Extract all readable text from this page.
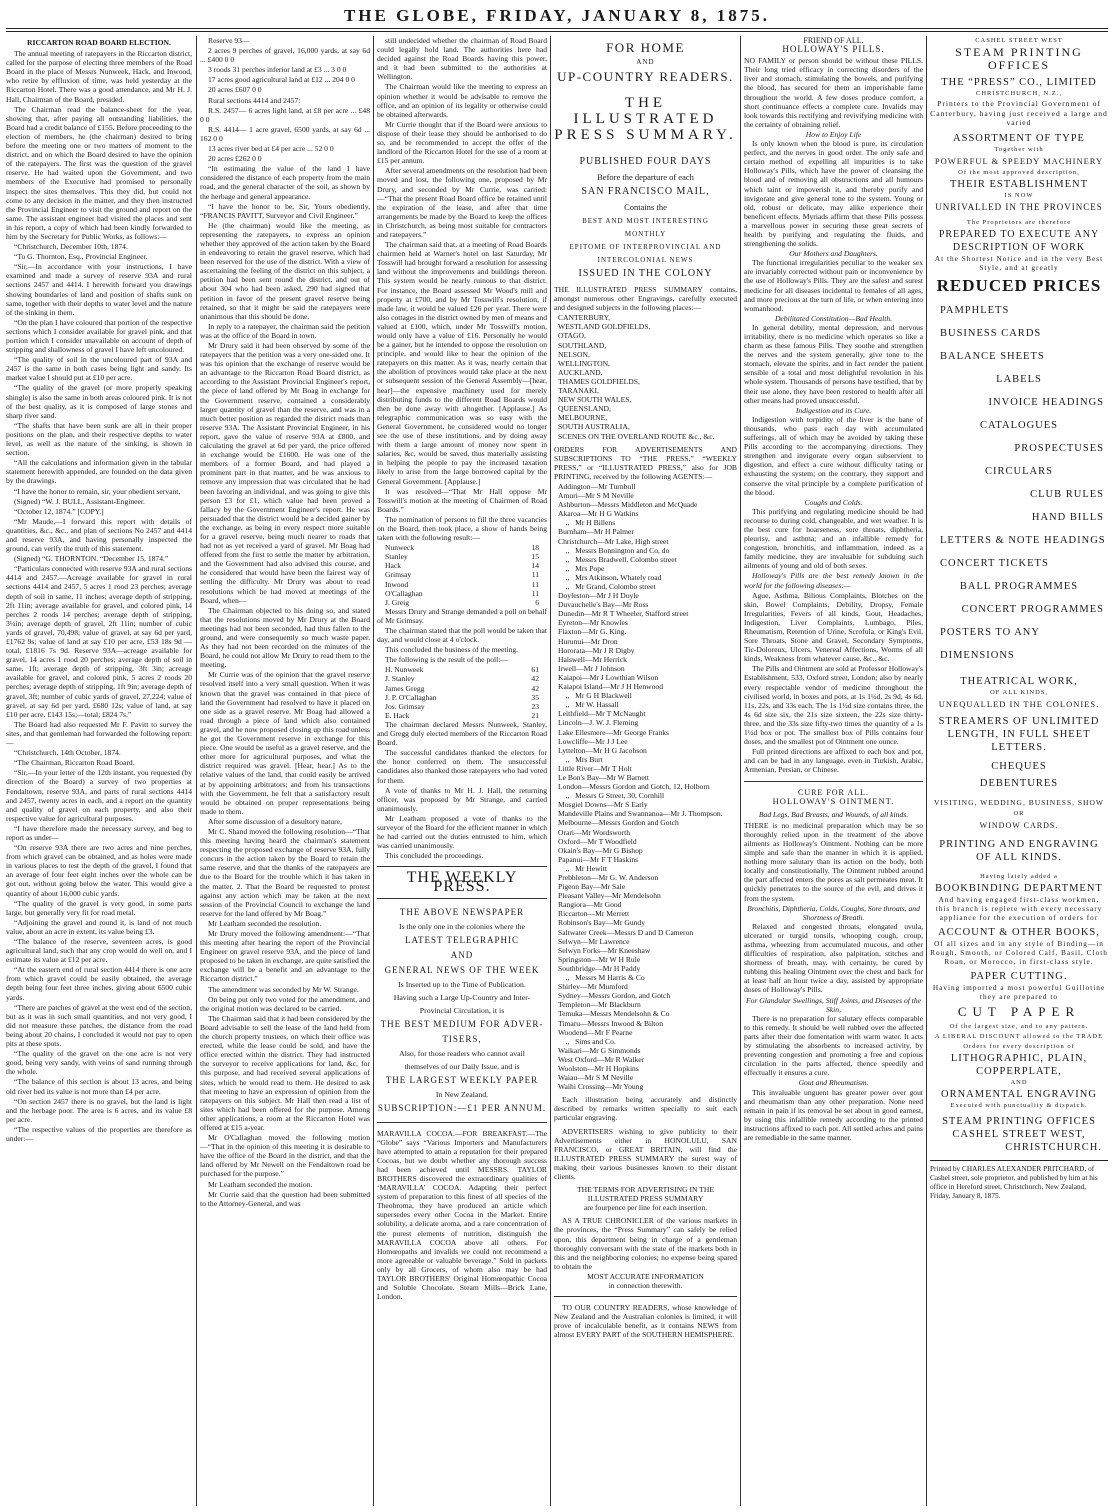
THE GLOBE, FRIDAY, JANUARY 8, 1875.
RICCARTON ROAD BOARD ELECTION.

The annual meeting of ratepayers in the Riccarton district, called for the purpose of electing three members of the Road Board in the place of Messrs Nunweek, Hack, and Inwood, who retire by effluxion of time, was held yesterday at the Riccarton Hotel. There was a good attendance, and Mr H. J. Hall, Chairman of the Board, presided.

The Chairman read the balance-sheet for the year, showing that, after paying all outstanding liabilities, the Board had a credit balance of £155. Before proceeding to the election of members, he (the chairman) desired to bring before the meeting one or two matters of moment to the district, and on which the Board desired to have the opinion of the ratepayers. The first was the question of the gravel reserve. He had waited upon the Government, and two members of the Executive had promised to personally inspect the sites themselves. This they did, but could not come to any decision in the matter, and they then instructed the Provincial Engineer to visit the ground and report on the same. The assistant engineer had visited the places and sent in his report, a copy of which had been kindly forwarded to him by the Secretary for Public Works, as follows:—

“Christchurch, December 10th, 1874.

“To G. Thornton, Esq., Provincial Engineer.

“Sir,—In accordance with your instructions, I have examined and made a survey of reserve 93A and rural sections 2457 and 4414. I herewith forward you drawings showing boundaries of land and position of shafts sunk on same, together with their depths to water level and the nature of the sinking in them.

“On the plan I have coloured that portion of the respective sections which I consider available for gravel pink, and that portion which I consider unavailable on account of depth of stripping and shallowness of gravel I have left uncoloured.

“The quality of soil in the uncoloured part of 93A and 2457 is the same in both cases being light and sandy. Its market value I should put at £10 per acre.

“The quality of the gravel (or more properly speaking shingle) is also the same in both areas coloured pink. It is not of the best quality, as it is composed of large stones and sharp river sand.

“The shafts that have been sunk are all in their proper positions on the plan, and their respective depths to water level, as well as the nature of the sinking, is shown in section.

“All the calculations and information given in the tabular statement herewith appended, are founded on the data given by the drawings.

“I have the honor to remain, sir, your obedient servant,

(Signed) “W. J. BULL, Assistant-Engineer.

“October 12, 1874.” [COPY.]

“Mr Maude,—I forward this report with details of quantities, &c., &c., and plan of sections No 2457 and 4414 and reserve 93A, and having personally inspected the ground, can verify the truth of this statement.

(Signed) “G. THORNTON. “December 15, 1874.”

“Particulars connected with reserve 93A and rural sections 4414 and 2457.—Acreage available for gravel in rural sections 4414 and 2457, 5 acres 1 rood 23 perches; average depth of soil in same, 11 inches; average depth of stripping, 2ft 11in; average available for gravel, and colored pink, 14 perches 2 roods 14 perches; average depth of stripping, 3¼in; average depth of gravel, 2ft 11in; number of cubic yards of gravel, 70,498; value of gravel, at say 6d per yard, £1762 9s; value of land at say £10 per acre, £53 18s 9d — total, £1816 7s 9d. Reserve 93A—acreage available for gravel, 14 acres 1 rood 20 perches; average depth of soil in same, 1ft; average depth of stripping, 3ft 3in; acreage available for gravel, and colored pink, 5 acres 2 roods 20 perches; average depth of stripping, 1ft 9in; average depth of gravel, 3ft; number of cubic yards of gravel, 27,224; value of gravel, at say 6d per yard, £680 12s; value of land, at say £10 per acre, £143 15s;—total; £824 7s.”

The Board had also requested Mr F. Pavitt to survey the sites, and that gentleman had forwarded the following report:—

“Christchurch, 14th October, 1874.

“The Chairman, Riccarton Road Board.

“Sir,—In your letter of the 12th instant, you requested (by direction of the Board) a survey of two properties at Fendaltown, reserve 93A, and parts of rural sections 4414 and 2457, twenty acres in each, and a report on the quantity and quality of gravel on each property, and also their respective value for agricultural purposes.

“I have therefore made the necessary survey, and beg to report as under—

“On reserve 93A there are two acres and nine perches, from which gravel can be obtained, and as holes were made in various places to test the depth of the gravel, I found that an average of four feet eight inches over the whole can be got out, without going below the water. This would give a quantity of about 16,000 cubic yards.

“The quality of the gravel is very good, in some parts large, but generally very fit for road metal.

“Adjoining the gravel and round it, is land of not much value, about an acre in extent, its value being £3.

“The balance of the reserve, seventeen acres, is good agricultural land, such that any crop would do well on, and I estimate its value at £12 per acre.

“At the eastern end of rural section 4414 there is one acre from which gravel could be easily obtained, the average depth being four feet three inches, giving about 6500 cubic yards.

“There are patches of gravel at the west end of the section, but as it was in such small quantities, and not very good, I did not measure these patches, the distance from the road being about 20 chains, I concluded it would not pay to open pits at these spots.

“The quality of the gravel on the one acre is not very good, being very sandy, with veins of sand running through the whole.

“The balance of this section is about 13 acres, and being old river bed its value is not more than £4 per acre.

“On section 2457 there is no gravel, but the land is light and the herbage poor. The area is 6 acres, and its value £8 per acre.

“The respective values of the properties are therefore as under:—

Reserve 93—

2 acres 9 perches of gravel, 16,000 yards, at say 6d ... £400 0 0

3 roods 31 perches inferior land at £3 ... 3 0 0

17 acres good agricultural land at £12 ... 204 0 0

20 acres £607 0 0

Rural sections 4414 and 2457:

R.S. 2457— 6 acres light land, at £8 per acre ... £48 0 0

R.S. 4414— 1 acre gravel, 6500 yards, at say 6d ... 162 0 0

13 acres river bed at £4 per acre ... 52 0 0

20 acres £262 0 0

“In estimating the value of the land I have considered the distance of each property from the main road, and the general character of the soil, as shown by the herbage and general appearance.

“I have the honor to be, Sir, Yours obediently, “FRANCIS PAVITT, Surveyor and Civil Engineer.”

He (the chairman) would like the meeting, as representing the ratepayers, to express an opinion whether they approved of the action taken by the Board in endeavoring to retain the gravel reserve, which had been reserved for the use of the district. With a view of ascertaining the feeling of the district on this subject, a petition had been sent round the district, and out of about 304 who had been asked, 290 had signed that petition in favor of the present gravel reserve being retained, so that it might be said the ratepayers were unanimous that this should be done.

In reply to a ratepayer, the chairman said the petition was at the office of the Board in town.

Mr Drury said it had been observed by some of the ratepayers that the petition was a very one-sided one. It was his opinion that the exchange of reserve would be an advantage to the Riccarton Road Board district, as according to the Assistant Provincial Engineer's report, the piece of land offered by Mr Boag in exchange for the Government reserve, contained a considerably larger quantity of gravel than the reserve, and was in a much better position as regarded the district roads than reserve 93A. The Assistant Provincial Engineer, in his report, gave the value of reserve 93A at £800, and calculating the gravel at 6d per yard, the price offered in exchange would be £1600. He was one of the members of a former Board, and had played a prominent part in that matter, and he was anxious to remove any impression that was circulated that he had been favoring an individual, and was going to give this person £3 for £1, which value had been proved a fallacy by the Government Engineer's report. He was persuaded that the district would be a decided gainer by the exchange, as being in every respect more suitable for a gravel reserve, being much nearer to roads that had not as yet received a yard of gravel. Mr Boag had offered from the first to settle the matter by arbitration, and the Government had also advised this course, and he considered that would have been the fairest way of settling the difficulty. Mr Drury was about to read resolutions which he had moved at meetings of the Board, when—

The Chairman objected to his doing so, and stated that the resolutions moved by Mr Drury at the Board meetings had not been seconded, had thus fallen to the ground, and were consequently so much waste paper. As they had not been recorded on the minutes of the Board, he could not allow Mr Drury to read them to the meeting.

Mr Currie was of the opinion that the gravel reserve resolved itself into a very small question. When it was known that the gravel was contained in that piece of land the Government had resolved to have it placed on one side as a gravel reserve. Mr Boag had allowed a road through a piece of land which also contained gravel, and he now proposed closing up this road unless he got the Government reserve in exchange for this piece. One would be useful as a gravel reserve, and the other more for agricultural purposes, and what the district required was gravel. [Hear, hear.] As to the relative values of the land, that could easily be arrived at by appointing arbitrators; and from his transactions with the Government, he felt that a satisfactory result would be obtained on proper representations being made to them.

After some discussion of a desultory nature,

Mr C. Shand moved the following resolution—“That this meeting having heard the chairman's statement respecting the proposed exchange of reserve 93A, fully concurs in the action taken by the Board to retain the same reserve, and that the thanks of the ratepayers are due to the Board for the trouble which it has taken in the matter. 2. That the Board be requested to protest against any action which may be taken at the next session of the Provincial Council to exchange the land reserve for the land offered by Mr Boag.”

Mr Leatham seconded the resolution.

Mr Drury moved the following amendment:—“That this meeting after hearing the report of the Provincial Engineer on gravel reserve 93A, and the piece of land proposed to be taken in exchange, are quite satisfied the exchange will be a benefit and an advantage to the Riccarton district.”

The amendment was seconded by Mr W. Strange.

On being put only two voted for the amendment, and the original motion was declared to be carried.

The Chairman said that it had been considered by the Board advisable to sell the lease of the land held from the church property trustees, on which their office was erected, while the lease could be sold, and have the office erected within the district. They had instructed the surveyor to receive applications for land, &c, for this purpose, and had received several applications of sites, which he would read to them. He desired to ask that meeting to have an expression of opinion from the ratepayers on this subject. Mr Hall then read a list of sites which had been offered for the purpose. Among other applications, a room at the Riccarton Hotel was offered at £15 a-year.

Mr O'Callaghan moved the following motion—“That in the opinion of this meeting it is desirable to have the office of the Board in the district, and that the land offered by Mr Newell on the Fendaltown road be purchased for the purpose.”

Mr Leatham seconded the motion.

Mr Currie said that the question had been submitted to the Attorney-General, and was

still undecided whether the chairman of Road Board could legally hold land. The authorities here had decided against the Road Boards having this power, and it had been submitted to the authorities at Wellington.

The Chairman would like the meeting to express an opinion whether it would be advisable to remove the office, and an opinion of its legality or otherwise could be obtained afterwards.

Mr Currie thought that if the Board were anxious to dispose of their lease they should be authorised to do so, and be recommended to accept the offer of the landlord of the Riccarton Hotel for the use of a room at £15 per annum.

After several amendments on the resolution had been moved and lost, the following one, proposed by Mr Drury, and seconded by Mr Currie, was carried:—“That the present Road Board office be retained until the expiration of the lease, and after that time arrangements be made by the Board to keep the offices in Christchurch, as being most suitable for contractors and ratepayers.”

The chairman said that, at a meeting of Road Boards chairmen held at Warner's hotel on last Saturday, Mr Tosswill had brought forward a resolution for assessing land without the improvements and buildings thereon. This system would be nearly ruinous to that district. For instance, the Board assessed Mr Wood's mill and property at £700, and by Mr Tosswill's resolution, if made law, it would be valued £26 per year. There were also cottages in the district owned by men of means and valued at £100, which, under Mr Tosswill's motion, would only have a value of £16. Personally he would be a gainer, but he intended to oppose the resolution on principle, and would like to hear the opinion of the ratepayers on this matter. As it was, nearly certain that the abolition of provinces would take place at the next or subsequent session of the General Assembly—[hear, hear]—the expensive machinery used for merely distributing funds to the different Road Boards would then be done away with altogether. [Applause.] As telegraphic communication was so easy with the General Government, he considered would no longer see the use of these institutions, and by doing away with them a large amount of money now spent in salaries, &c, would be saved, thus materially assisting in helping the people to pay the increased taxation likely to arise from the large borrowed capital by the General Government. [Applause.]

It was resolved—“That Mr Hall oppose Mr Tosswill's motion at the meeting of Chairmen of Road Boards.”

The nomination of persons to fill the three vacancies on the Board, then took place, a show of hands being taken with the following result:—

Nunweck	18
Stanley	15
Hack	14
Grimsay	11
Inwood	11
O'Callaghan	11
J. Greig	6

Messrs Drury and Strange demanded a poll on behalf of Mr Grimsay.

The chairman stated that the poll would be taken that day, and would close at 4 o'clock.

This concluded the business of the meeting.

The following is the result of the poll:—

H. Nunweek	61
J. Stanley	42
James Gregg	42
J. P. O'Callaghan	35
Jos. Grimsay	23
E. Hack	21

The chairman declared Messrs Nunweek, Stanley, and Gregg duly elected members of the Riccarton Road Board.

The successful candidates thanked the electors for the honor conferred on them. The unsuccessful candidates also thanked those ratepayers who had voted for them.

A vote of thanks to Mr H. J. Hall, the returning officer, was proposed by Mr Strange, and carried unanimously.

Mr Leatham proposed a vote of thanks to the surveyor of the Board for the efficient manner in which he had carried out the duties entrusted to him, which was carried unanimously.

This concluded the proceedings.

THE WEEKLY PRESS.
THE ABOVE NEWSPAPER
Is the only one in the colonies where the
LATEST TELEGRAPHIC
AND
GENERAL NEWS OF THE WEEK
Is Inserted up to the Time of Publication.
Having such a Large Up-Country and Inter-
Provincial Circulation, it is
THE BEST MEDIUM FOR ADVER-
TISERS,
Also, for those readers who cannot avail
themselves of our Daily Issue, and is
THE LARGEST WEEKLY PAPER
In New Zealand.
SUBSCRIPTION:—£1 PER ANNUM.

MARAVILLA COCOA.—FOR BREAKFAST.—The “Globe” says “Various Importers and Manufacturers have attempted to attain a reputation for their prepared Cocoas, but we doubt whether any thorough success had been achieved until MESSRS. TAYLOR BROTHERS discovered the extraordinary qualities of ‘MARAVILLA’ COCOA. Adapting their perfect system of preparation to this finest of all species of the Theobroma, they have produced an article which supersedes every other Cocoa in the Market. Entire solubility, a delicate aroma, and a rare concentration of the purest elements of nutrition, distinguish the MARAVILLA COCOA above all others. For Homœopaths and invalids we could not recommend a more agreeable or valuable beverage.” Sold in packets only by all Grocers, of whom also may be had TAYLOR BROTHERS' Original Homœopathic Cocoa and Soluble Chocolate. Steam Mills—Brick Lane, London.

FOR HOME
AND
UP-COUNTRY READERS.
THE ILLUSTRATED
PRESS SUMMARY.
PUBLISHED FOUR DAYS
Before the departure of each
SAN FRANCISCO MAIL,
Contains the
BEST AND MOST INTERESTING
MONTHLY
EPITOME OF INTERPROVINCIAL AND
INTERCOLONIAL NEWS
ISSUED IN THE COLONY

THE ILLUSTRATED PRESS SUMMARY contains, amongst numerous other Engravings, carefully executed and designed subjects in the following places:—

CANTERBURY,
WESTLAND GOLDFIELDS,
OTAGO,
SOUTHLAND,
NELSON,
WELLINGTON,
AUCKLAND,
THAMES GOLDFIELDS,
TARANAKI,
NEW SOUTH WALES,
QUEENSLAND,
MELBOURNE,
SOUTH AUSTRALIA,
SCENES ON THE OVERLAND ROUTE &c., &c.

ORDERS FOR ADVERTISEMENTS AND SUBSCRIPTIONS TO “THE PRESS,” “WEEKLY PRESS,” or “ILLUSTRATED PRESS,” also for JOB PRINTING, received by the following AGENTS:—

Addington—Mr Turnbull
Amuri—Mr S M Neville
Ashburton—Messrs Middleton and McQuade
Akaroa—Mr H G Watkins
,,   Mr H Billens
Burnham—Mr H Palmer
Christchurch—Mr Lake, High street
,,   Messrs Bonnington and Co, do
,,   Messrs Bradwell, Colombo street
,,   Mrs Pope
,,   Mrs Atkinson, Whately road
,,   Mr Grand, Colombo street
Doyleston—Mr J H Doyle
Duvauchelle's Bay—Mr Ross
Dunedin—Mr R T Wheeler, Stafford street
Eyreton—Mr Knowles
Flaxton—Mr G. King.
Hurunui—Mr Dron
Hororata—Mr J R Digby
Halswell—Mr Herrick
Irwell—Mr J Johnson
Kaiapoi—Mr J Lowthian Wilson
Kaiapoi Island—Mr J H Henwood
,,   Mr G H Blackwell
,,   Mr W. Hassall
Leithfield—Mr T McNaught
Lincoln—J. W. J. Fleming
Lake Ellesmere—Mr George Franks
Lowcliffe—Mr J J Lee
Lyttelton—Mr H G Jacobson
,,   Mrs Burt
Little River—Mr T Holt
Le Bon's Bay—Mr W Barnett
London—Messrs Gordon and Gotch, 12, Holborn
,,   Messrs G Street, 30, Cornhill
Mosgiel Downs—Mr S Early
Mandeville Plains and Swannanoa—Mr J. Thompson.
Melbourne—Messrs Gordon and Gotch
Orari—Mr Wordsworth
Oxford—Mr T Woodfield
Okain's Bay—Mr G Bishop
Papanui—Mr F T Haskins
,,   Mr Hewitt
Prebbleton—Mr G. W. Anderson
Pigeon Bay—Mr Sale
Pleasant Valley—Mr Mendelsohn
Rangiora—Mr Good
Riccarton—Mr Merrett
Robinson's Bay—Mr Gundy
Saltwater Creek—Messrs D and D Cameron
Selwyn—Mr Lawrence
Selwyn Forks—Mr Kneeshaw
Springston—Mr W H Rule
Southbridge—Mr H Paddy
,,   Messrs M Harris & Co
Shirley—Mr Mumford
Sydney—Messrs Gordon, and Gotch
Templeton—Mr Blackburn
Temuka—Messrs Mendelsohn & Co
Timaru—Messrs Inwood & Bilton
Woodend—Mr F Pearne
,,   Sims and Co.
Waikari—Mr G Simmonds
West Oxford—Mr R Walker
Woolston—Mr H Hopkins
Waiau—Mr S M Neville
Waihi Crossing—Mr Young

Each illustration being accurately and distinctly described by remarks written specially to suit each particular engraving.

ADVERTISERS wishing to give publicity to their Advertisements either in HONOLULU, SAN FRANCISCO, or GREAT BRITAIN, will find the ILLUSTRATED PRESS SUMMARY the surest way of making their various businesses known to their distant clients.

THE TERMS FOR ADVERTISING IN THE ILLUSTRATED PRESS SUMMARY
are fourpence per line for each insertion.

AS A TRUE CHRONICLER of the various markets in the provinces, the “Press Summary” can safely be relied upon, this department being in charge of a gentleman thoroughly conversant with the state of the markets both in this and the neighboring colonies; no expense being spared to obtain the

MOST ACCURATE INFORMATION
in connection therewith.

TO OUR COUNTRY READERS, whose knowledge of New Zealand and the Australian colonies is limited, it will prove of incalculable benefit, as it contains NEWS from almost EVERY PART of the SOUTHERN HEMISPHERE.

FRIEND OF ALL.
HOLLOWAY'S PILLS.

NO FAMILY or person should be without these PILLS. Their long tried efficacy in correcting disorders of the liver and stomach, stimulating the bowels, and purifying the blood, has secured for them an imperishable fame throughout the world. A few doses produce comfort, a short continuance effects a complete cure. Invalids may look towards this rectifying and revivifying medicine with the certainty of obtaining relief.

How to Enjoy Life

Is only known when the blood is pure, its circulation perfect, and the nerves in good order. The only safe and certain method of expelling all impurities is to take Holloway's Pills, which have the power of cleansing the blood and of removing all obstructions and all humours which taint or impoverish it, and thereby purify and invigorate and give general tone to the system. Young or old, robust or delicate, may alike experience their beneficent effects. Myriads affirm that these Pills possess a marvellous power in securing these great secrets of health by purifying and regulating the fluids, and strengthening the solids.

Our Mothers and Daughters.

The functional irregularities peculiar to the weaker sex are invariably corrected without pain or inconvenience by the use of Holloway's Pills. They are the safest and surest medicine for all diseases incidental to females of all ages, and more precious at the turn of life, or when entering into womanhood.

Debilitated Constitution—Bad Health.

In general debility, mental depression, and nervous irritability, there is no medicine which operates so like a charm as these famous Pills. They soothe and strengthen the nerves and the system generally, give tone to the stomach, elevate the spirits, and in fact render the patient sensible of a total and most delightful revolution in his whole system. Thousands of persons have testified, that by their use alone, they have been restored to health after all other means had proved unsuccessful.

Indigestion and its Cure.

Indigestion with torpidity of the liver is the bane of thousands, who pass each day with accumulated sufferings, all of which may be avoided by taking these Pills according to the accompanying directions. They strengthen and invigorate every organ subservient to digestion, and effect a cure without difficulty tating or exhausting the system; on the contrary, they support and conserve the vital principle by a complete purification of the blood.

Coughs and Colds.

This purifying and regulating medicine should be had recourse to during cold, changeable, and wet weather. It is the best cure for hoarseness, sore throats, diphtheria, pleurisy, and asthma; and an infallible remedy for congestion, bronchitis, and inflammation, indeed as a family medicine, they are invaluable for subduing such ailments of young and old of both sexes.

Holloway's Pills are the best remedy known in the world for the following diseases:—

Ague, Asthma, Bilious Complaints, Blotches on the skin, Bowel Complaints, Debility, Dropsy, Female Irregularities, Fevers of all kinds, Gout, Headaches, Indigestion, Liver Complaints, Lumbago, Piles, Rheumatism, Retention of Urine, Scrofula, or King's Evil, Sore Throats, Stone and Gravel, Secondary Symptoms, Tic-Doloreux, Ulcers, Venereal Affections, Worms of all kinds, Weakness from whatever cause, &c., &c.

The Pills and Ointment are sold at Professor Holloway's Establishment, 533, Oxford street, London; also by nearly every respectable vendor of medicine throughout the civilised world, in boxes and pots, at 1s 1½d, 2s 9d, 4s 6d, 11s, 22s, and 33s each. The 1s 1½d size contains three, the 4s 6d size six, the 21s size sixteen, the 22s size thirty-three, and the 33s size fifty-two times the quantity of a 1s 1½d box or pot. The smallest box of Pills contains four doses, and the smallest pot of Ointment one ounce.

Full printed directions are affixed to each box and pot, and can be had in any language, even in Turkish, Arabic, Armenian, Persian, or Chinese.

CURE FOR ALL.
HOLLOWAY'S OINTMENT.
Bad Legs, Bad Breasts, and Wounds, of all kinds.

THERE is no medicinal preparation which may be so thoroughly relied upon in the treatment of the above ailments as Holloway's Ointment. Nothing can be more simple and safe than the manner in which it is applied, nothing more salutary than its action on the body, both locally and constitutionally. The Ointment rubbed around the part affected enters the pores as salt permeates meat. It quickly penetrates to the source of the evil, and drives it from the system.

Bronchitis, Diphtheria, Colds, Coughs, Sore throats, and Shortness of Breath.

Relaxed and congested throats, elongated uvula, ulcerated or turgid tonsils, whooping cough, croup, asthma, wheezing from accumulated mucous, and other difficulties of respiration, also palpitation, stitches and shortness of breath, may, with certainty, be cured by rubbing this healing Ointment over the chest and back for at least half an hour twice a day, assisted by appropriate doses of Holloway's Pills.

For Glandular Swellings, Stiff Joints, and Diseases of the Skin,

There is no preparation for salutary effects comparable to this remedy. It should be well rubbed over the affected parts after their due fomentation with warm water. It acts by stimulating the absorbents to increased activity, by preventing congestion and promoting a free and copious circulation in the parts affected, thence speedily and effectually it ensures a cure.

Gout and Rheumatism.

This invaluable unguent has greater power over gout and rheumatism than any other preparation. None need remain in pain if its removal be set about in good earnest, by using this infallible remedy according to the printed instructions affixed to each pot. All settled aches and pains are remediable in the same manner.

CASHEL STREET WEST
STEAM PRINTING OFFICES
THE “PRESS” CO., LIMITED
CHRISTCHURCH, N.Z.,
Printers to the Provincial Government of Canterbury, having just received a large and varied
ASSORTMENT OF TYPE
Together with
POWERFUL & SPEEDY MACHINERY
Of the most approved description,
THEIR ESTABLISHMENT
IS NOW
UNRIVALLED IN THE PROVINCES
The Proprietors are therefore
PREPARED TO EXECUTE ANY
DESCRIPTION OF WORK
At the Shortest Notice and in the very Best Style, and at greatly
REDUCED PRICES
PAMPHLETS
BUSINESS CARDS
BALANCE SHEETS
LABELS
INVOICE HEADINGS
CATALOGUES
PROSPECTUSES
CIRCULARS
CLUB RULES
HAND BILLS
LETTERS & NOTE HEADINGS
CONCERT TICKETS
BALL PROGRAMMES
CONCERT PROGRAMMES
POSTERS TO ANY DIMENSIONS
THEATRICAL WORK,
OF ALL KINDS,
UNEQUALLED IN THE COLONIES.
STREAMERS OF UNLIMITED
LENGTH, IN FULL SHEET
LETTERS.
CHEQUES
DEBENTURES
VISITING, WEDDING, BUSINESS, SHOW
OR
WINDOW CARDS.
PRINTING AND ENGRAVING
OF ALL KINDS.
Having lately added a
BOOKBINDING DEPARTMENT
And having engaged first-class workmen, this branch is replete with every necessary appliance for the execution of orders for
ACCOUNT & OTHER BOOKS,
Of all sizes and in any style of Binding—in Rough, Smooth, or Colored Calf, Basil, Cloth Roan, or Morocco, in first-class style.
PAPER CUTTING.
Having imported a most powerful Guillotine they are prepared to
CUT PAPER
Of the largest size, and to any pattern.
A LIBERAL DISCOUNT allowed to the TRADE
Orders for every description of
LITHOGRAPHIC, PLAIN,
COPPERPLATE,
AND
ORNAMENTAL ENGRAVING
Executed with punctuality & dispatch.
STEAM PRINTING OFFICES
CASHEL STREET WEST,
CHRISTCHURCH.
Printed by CHARLES ALEXANDER PRITCHARD, of Cashel street, sole proprietor, and published by him at his office in Hereford street, Christchurch, New Zealand, Friday, January 8, 1875.
